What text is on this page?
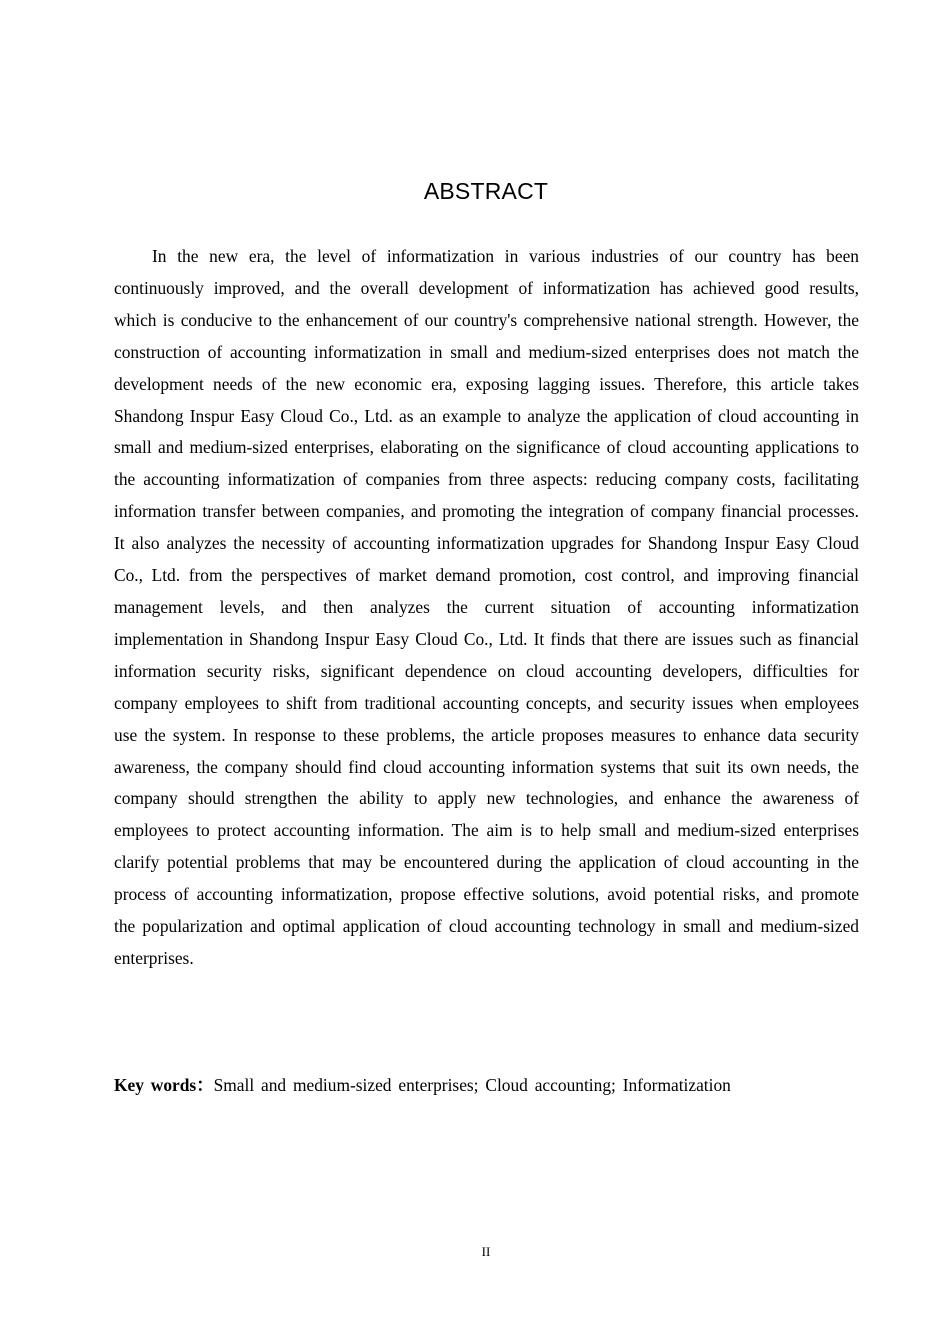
ABSTRACT

In the new era, the level of informatization in various industries of our country has been continuously improved, and the overall development of informatization has achieved good results, which is conducive to the enhancement of our country's comprehensive national strength. However, the construction of accounting informatization in small and medium-sized enterprises does not match the development needs of the new economic era, exposing lagging issues. Therefore, this article takes Shandong Inspur Easy Cloud Co., Ltd. as an example to analyze the application of cloud accounting in small and medium-sized enterprises, elaborating on the significance of cloud accounting applications to the accounting informatization of companies from three aspects: reducing company costs, facilitating information transfer between companies, and promoting the integration of company financial processes. It also analyzes the necessity of accounting informatization upgrades for Shandong Inspur Easy Cloud Co., Ltd. from the perspectives of market demand promotion, cost control, and improving financial management levels, and then analyzes the current situation of accounting informatization implementation in Shandong Inspur Easy Cloud Co., Ltd. It finds that there are issues such as financial information security risks, significant dependence on cloud accounting developers, difficulties for company employees to shift from traditional accounting concepts, and security issues when employees use the system. In response to these problems, the article proposes measures to enhance data security awareness, the company should find cloud accounting information systems that suit its own needs, the company should strengthen the ability to apply new technologies, and enhance the awareness of employees to protect accounting information. The aim is to help small and medium-sized enterprises clarify potential problems that may be encountered during the application of cloud accounting in the process of accounting informatization, propose effective solutions, avoid potential risks, and promote the popularization and optimal application of cloud accounting technology in small and medium-sized enterprises.

Key words：Small and medium-sized enterprises; Cloud accounting; Informatization

II
